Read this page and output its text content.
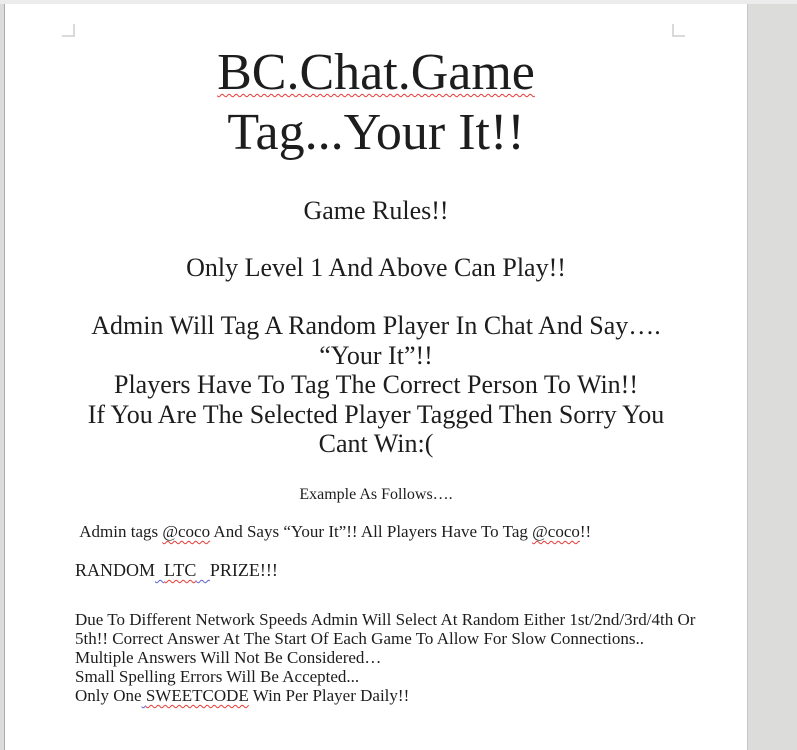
BC.Chat.Game
Tag...Your It!!
Game Rules!!
Only Level 1 And Above Can Play!!
Admin Will Tag A Random Player In Chat And Say….
“Your It”!!
Players Have To Tag The Correct Person To Win!!
If You Are The Selected Player Tagged Then Sorry You
Cant Win:(
Example As Follows….
Admin tags @coco And Says “Your It”!! All Players Have To Tag @coco!!
RANDOM LTC PRIZE!!!
Due To Different Network Speeds Admin Will Select At Random Either 1st/2nd/3rd/4th Or
5th!! Correct Answer At The Start Of Each Game To Allow For Slow Connections..
Multiple Answers Will Not Be Considered…
Small Spelling Errors Will Be Accepted...
Only One SWEETCODE Win Per Player Daily!!
